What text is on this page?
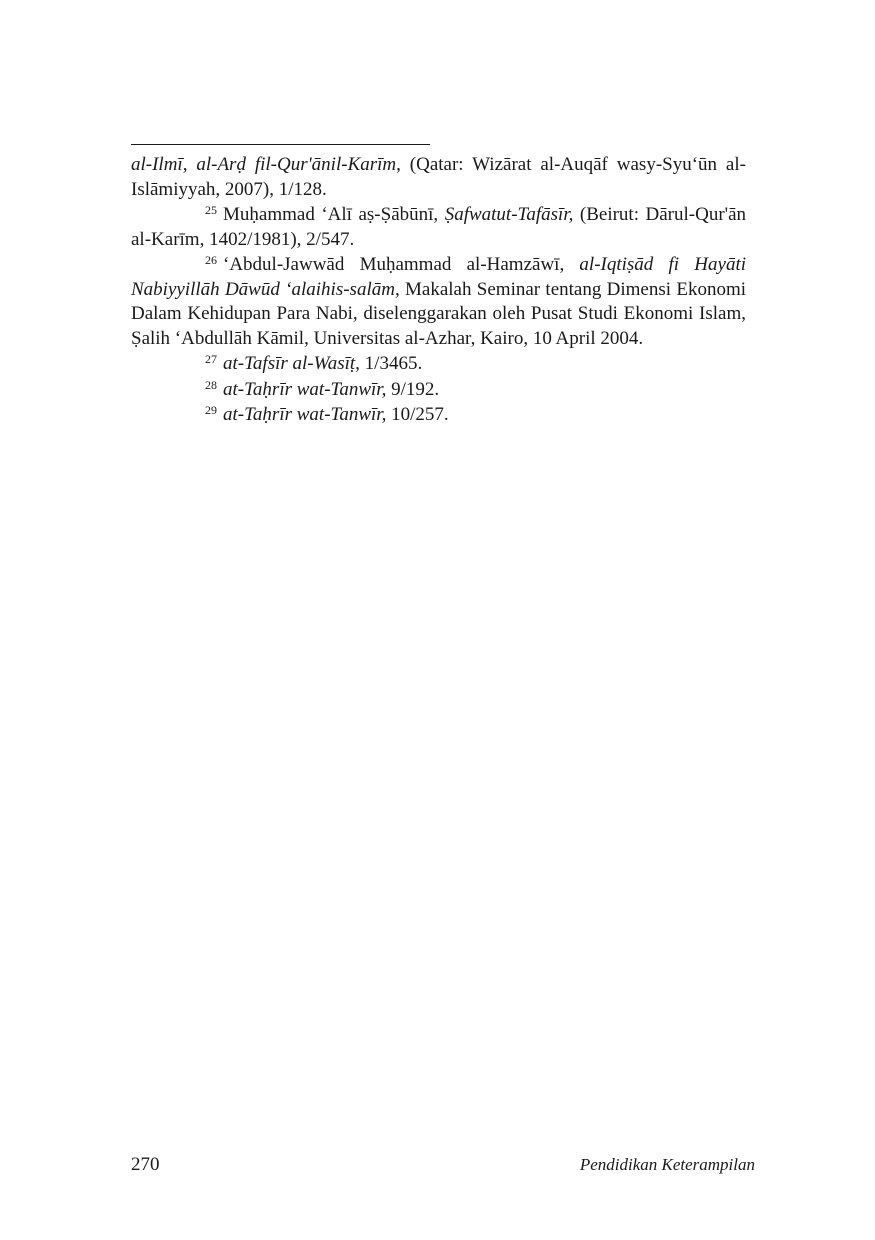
al-Ilmī, al-Arḍ fil-Qur'ānil-Karīm, (Qatar: Wizārat al-Auqāf wasy-Syu‘ūn al-Islāmiyyah, 2007), 1/128.

$^{25}$ Muḥammad ‘Alī aṣ-Ṣābūnī, Ṣafwatut-Tafāsīr, (Beirut: Dārul-Qur'ān al-Karīm, 1402/1981), 2/547.

$^{26}$ ‘Abdul-Jawwād Muḥammad al-Hamzāwī, al-Iqtiṣād fi Hayāti Nabiyyillāh Dāwūd ‘alaihis-salām, Makalah Seminar tentang Dimensi Ekonomi Dalam Kehidupan Para Nabi, diselenggarakan oleh Pusat Studi Ekonomi Islam, Ṣalih ‘Abdullāh Kāmil, Universitas al-Azhar, Kairo, 10 April 2004.

$^{27}$ at-Tafsīr al-Wasīṭ, 1/3465.

$^{28}$ at-Taḥrīr wat-Tanwīr, 9/192.

$^{29}$ at-Taḥrīr wat-Tanwīr, 10/257.

270	Pendidikan Keterampilan
